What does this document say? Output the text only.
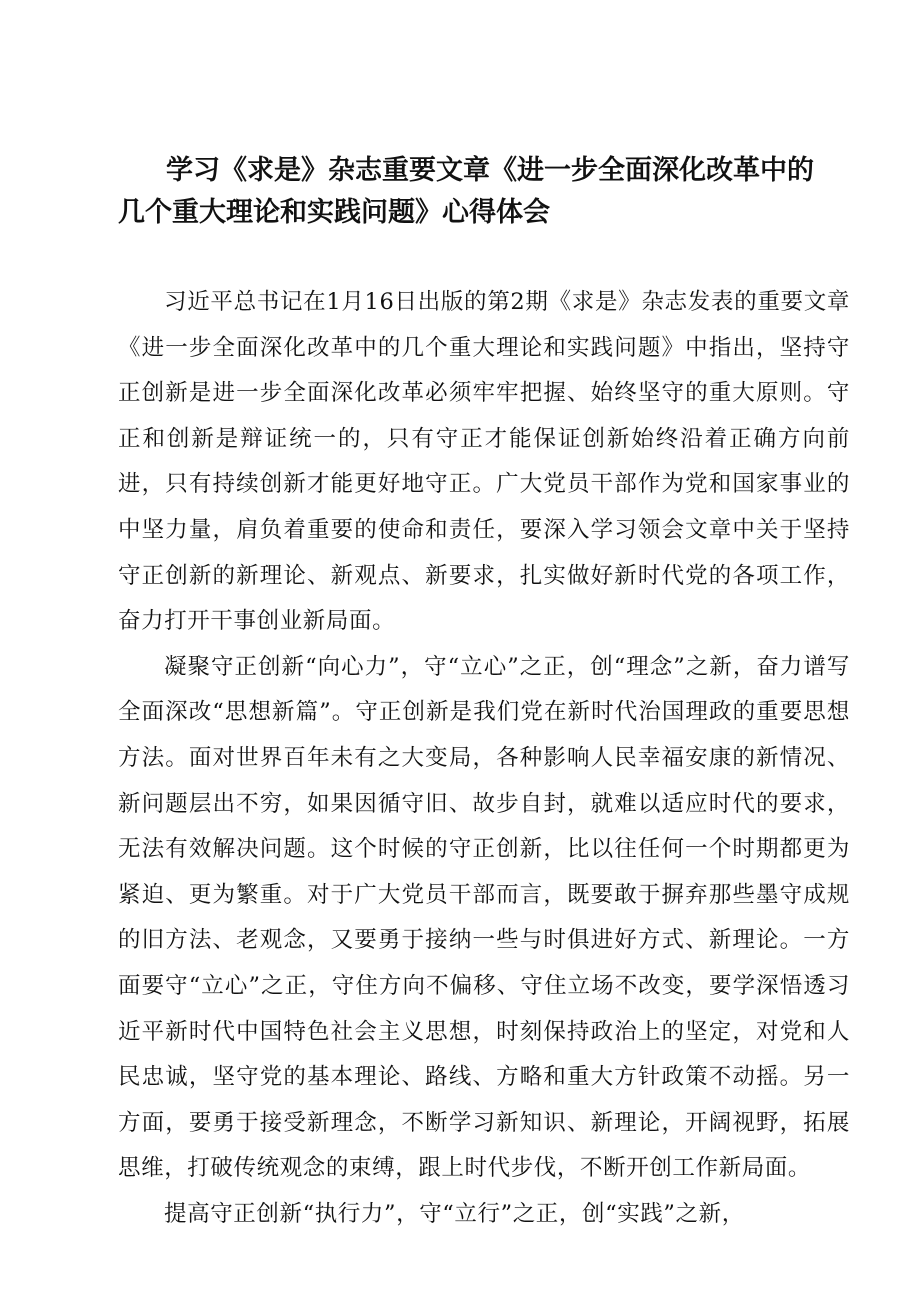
学习《求是》杂志重要文章《进一步全面深化改革中的几个重大理论和实践问题》心得体会

习近平总书记在1月16日出版的第2期《求是》杂志发表的重要文章《进一步全面深化改革中的几个重大理论和实践问题》中指出，坚持守正创新是进一步全面深化改革必须牢牢把握、始终坚守的重大原则。守正和创新是辩证统一的，只有守正才能保证创新始终沿着正确方向前进，只有持续创新才能更好地守正。广大党员干部作为党和国家事业的中坚力量，肩负着重要的使命和责任，要深入学习领会文章中关于坚持守正创新的新理论、新观点、新要求，扎实做好新时代党的各项工作，奋力打开干事创业新局面。

凝聚守正创新“向心力”，守“立心”之正，创“理念”之新，奋力谱写全面深改“思想新篇”。守正创新是我们党在新时代治国理政的重要思想方法。面对世界百年未有之大变局，各种影响人民幸福安康的新情况、新问题层出不穷，如果因循守旧、故步自封，就难以适应时代的要求，无法有效解决问题。这个时候的守正创新，比以往任何一个时期都更为紧迫、更为繁重。对于广大党员干部而言，既要敢于摒弃那些墨守成规的旧方法、老观念，又要勇于接纳一些与时俱进好方式、新理论。一方面要守“立心”之正，守住方向不偏移、守住立场不改变，要学深悟透习近平新时代中国特色社会主义思想，时刻保持政治上的坚定，对党和人民忠诚，坚守党的基本理论、路线、方略和重大方针政策不动摇。另一方面，要勇于接受新理念，不断学习新知识、新理论，开阔视野，拓展思维，打破传统观念的束缚，跟上时代步伐，不断开创工作新局面。

提高守正创新“执行力”，守“立行”之正，创“实践”之新，
